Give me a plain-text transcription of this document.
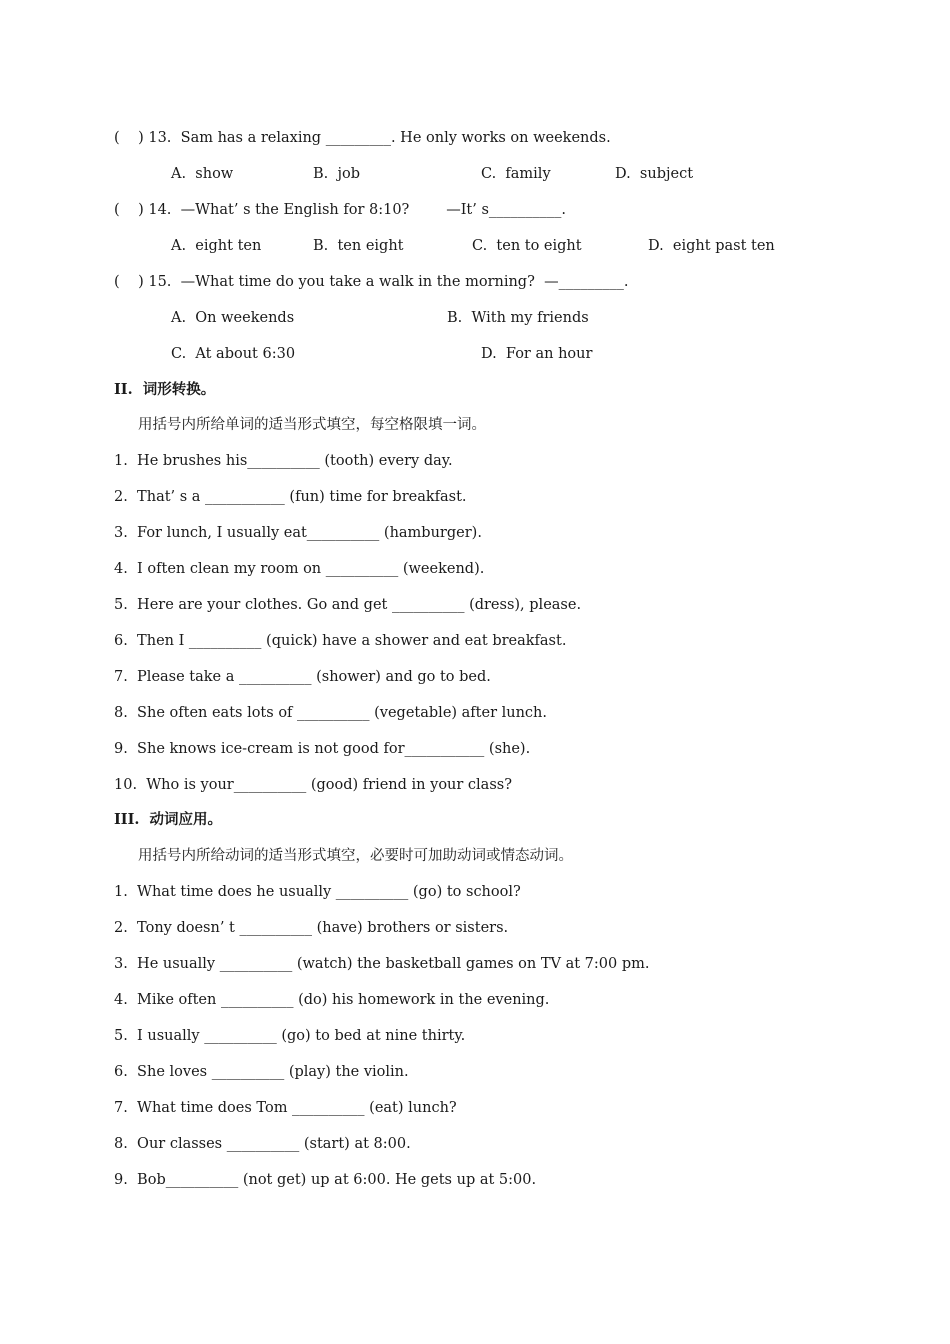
(    ) 13.  Sam has a relaxing _________. He only works on weekends.
A.  show	B.  job	C.  family	D.  subject
(    ) 14.  —What’ s the English for 8:10?        —It’ s__________.
A.  eight ten	B.  ten eight	C.  ten to eight	D.  eight past ten
(    ) 15.  —What time do you take a walk in the morning?  —_________.
A.  On weekends	B.  With my friends
C.  At about 6:30	D.  For an hour
II.  词形转换。
用括号内所给单词的适当形式填空，每空格限填一词。
1.  He brushes his__________ (tooth) every day.
2.  That’ s a ___________ (fun) time for breakfast.
3.  For lunch, I usually eat__________ (hamburger).
4.  I often clean my room on __________ (weekend).
5.  Here are your clothes. Go and get __________ (dress), please.
6.  Then I __________ (quick) have a shower and eat breakfast.
7.  Please take a __________ (shower) and go to bed.
8.  She often eats lots of __________ (vegetable) after lunch.
9.  She knows ice-cream is not good for___________ (she).
10.  Who is your__________ (good) friend in your class?
III.  动词应用。
用括号内所给动词的适当形式填空，必要时可加助动词或情态动词。
1.  What time does he usually __________ (go) to school?
2.  Tony doesn’ t __________ (have) brothers or sisters.
3.  He usually __________ (watch) the basketball games on TV at 7:00 pm.
4.  Mike often __________ (do) his homework in the evening.
5.  I usually __________ (go) to bed at nine thirty.
6.  She loves __________ (play) the violin.
7.  What time does Tom __________ (eat) lunch?
8.  Our classes __________ (start) at 8:00.
9.  Bob__________ (not get) up at 6:00. He gets up at 5:00.
